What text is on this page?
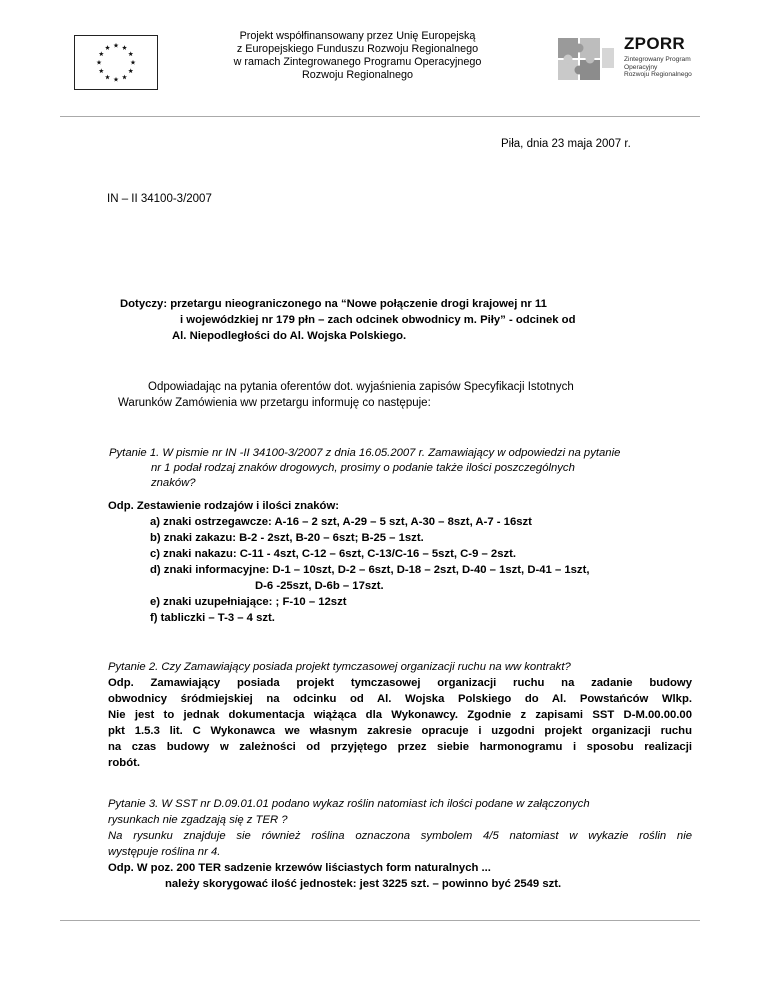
Projekt współfinansowany przez Unię Europejską
z Europejskiego Funduszu Rozwoju Regionalnego
w ramach Zintegrowanego Programu Operacyjnego
Rozwoju Regionalnego
ZPORR
Zintegrowany Program
Operacyjny
Rozwoju Regionalnego
Piła, dnia 23 maja 2007 r.
IN – II 34100-3/2007
Dotyczy: przetargu nieograniczonego na “Nowe połączenie drogi krajowej nr 11
i wojewódzkiej nr 179 płn – zach odcinek obwodnicy m. Piły” - odcinek od
Al. Niepodległości do Al. Wojska Polskiego.
Odpowiadając na pytania oferentów dot. wyjaśnienia zapisów Specyfikacji Istotnych
Warunków Zamówienia ww przetargu informuję co następuje:
Pytanie 1. W pismie nr IN -II 34100-3/2007 z dnia 16.05.2007 r. Zamawiający w odpowiedzi na pytanie
nr 1 podał rodzaj znaków drogowych, prosimy o podanie także ilości poszczególnych
znaków?
Odp. Zestawienie rodzajów i ilości znaków:
a) znaki ostrzegawcze: A-16 – 2 szt, A-29 – 5 szt, A-30 – 8szt, A-7 - 16szt
b) znaki zakazu: B-2 - 2szt, B-20 – 6szt; B-25 – 1szt.
c) znaki nakazu: C-11 - 4szt, C-12 – 6szt, C-13/C-16 – 5szt, C-9 – 2szt.
d) znaki informacyjne: D-1 – 10szt, D-2 – 6szt, D-18 – 2szt, D-40 – 1szt, D-41 – 1szt,
D-6 -25szt, D-6b – 17szt.
e) znaki uzupełniające: ; F-10 – 12szt
f) tabliczki – T-3 – 4 szt.
Pytanie 2. Czy Zamawiający posiada projekt tymczasowej organizacji ruchu na ww kontrakt?
Odp. Zamawiający posiada projekt tymczasowej organizacji ruchu na zadanie budowy
obwodnicy śródmiejskiej na odcinku od Al. Wojska Polskiego do Al. Powstańców Wlkp.
Nie jest to jednak dokumentacja wiążąca dla Wykonawcy. Zgodnie z zapisami SST D-M.00.00.00
pkt 1.5.3 lit. C Wykonawca we własnym zakresie opracuje i uzgodni projekt organizacji ruchu
na czas budowy w zależności od przyjętego przez siebie harmonogramu i sposobu realizacji
robót.
Pytanie 3. W SST nr D.09.01.01 podano wykaz roślin natomiast ich ilości podane w załączonych
rysunkach nie zgadzają się z TER ?
Na rysunku znajduje sie również roślina oznaczona symbolem 4/5 natomiast w wykazie roślin nie
występuje roślina nr 4.
Odp. W poz. 200 TER sadzenie krzewów liściastych form naturalnych ...
należy skorygować ilość jednostek: jest 3225 szt. – powinno być 2549 szt.
